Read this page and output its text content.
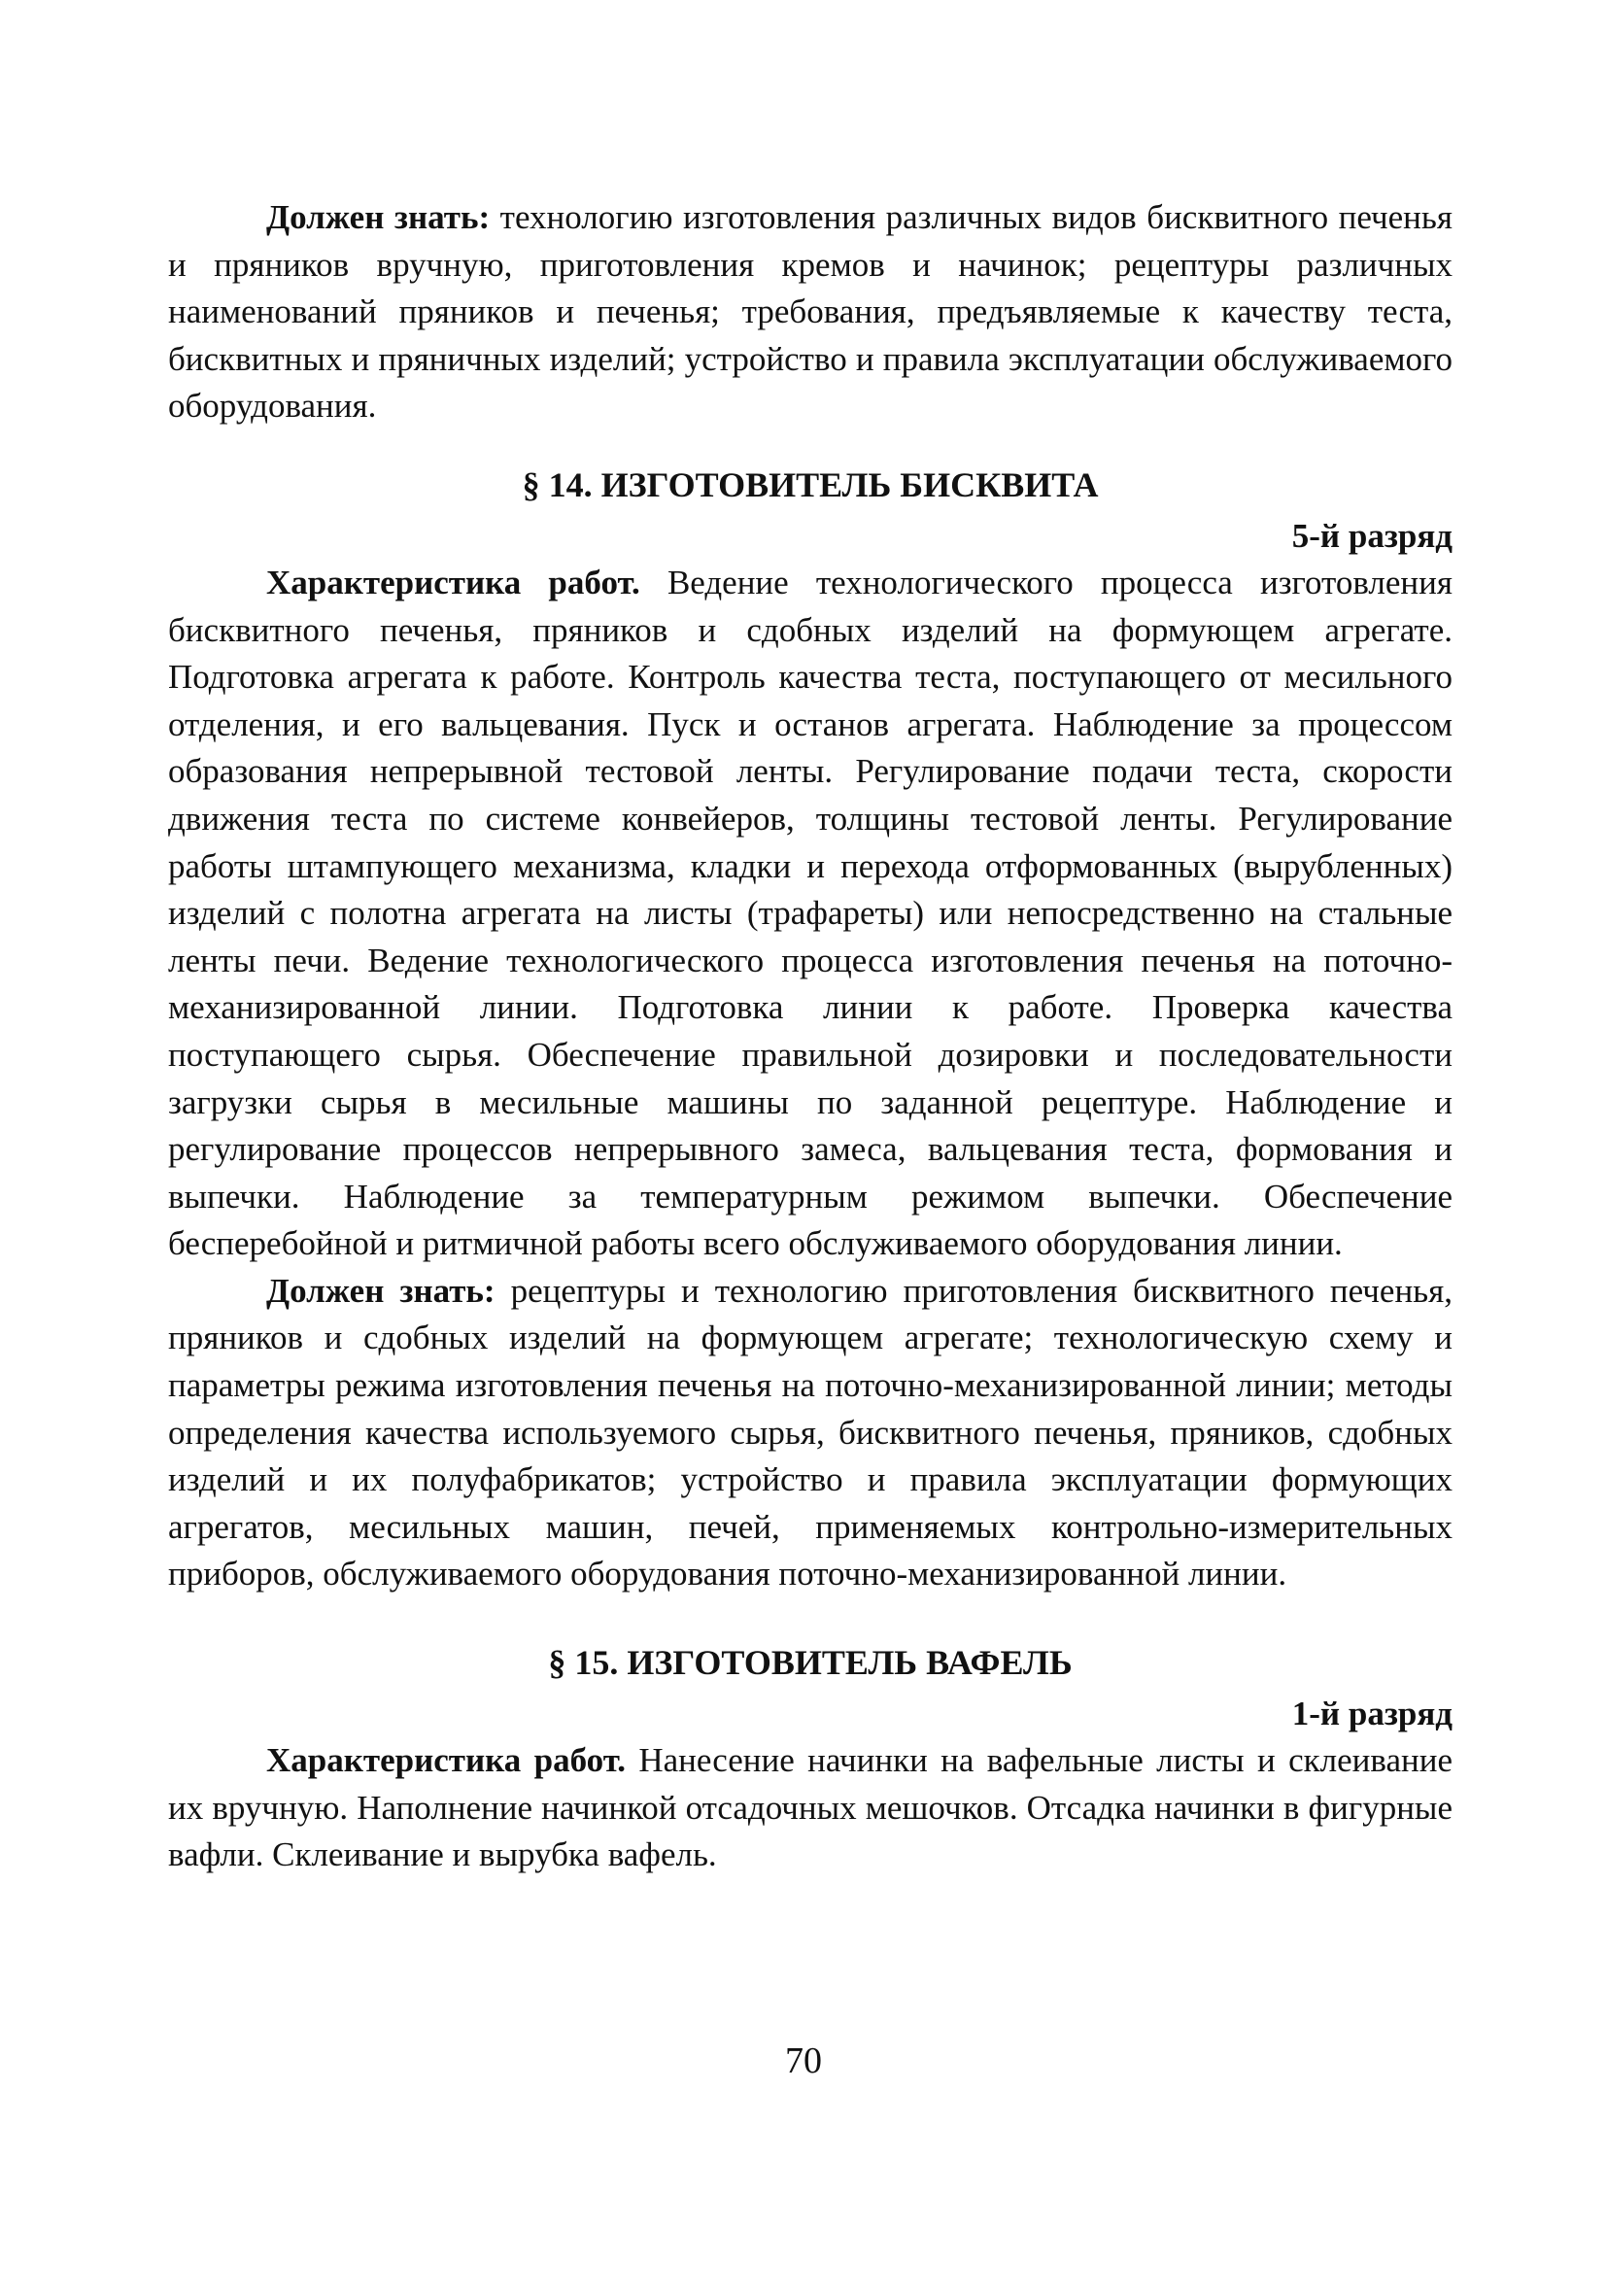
Должен знать: технологию изготовления различных видов бисквитного печенья и пряников вручную, приготовления кремов и начинок; рецептуры различных наименований пряников и печенья; требования, предъявляемые к качеству теста, бисквитных и пряничных изделий; устройство и правила эксплуатации обслуживаемого оборудования.

§ 14. ИЗГОТОВИТЕЛЬ БИСКВИТА

5-й разряд

Характеристика работ. Ведение технологического процесса изготовления бисквитного печенья, пряников и сдобных изделий на формующем агрегате. Подготовка агрегата к работе. Контроль качества теста, поступающего от месильного отделения, и его вальцевания. Пуск и останов агрегата. Наблюдение за процессом образования непрерывной тестовой ленты. Регулирование подачи теста, скорости движения теста по системе конвейеров, толщины тестовой ленты. Регулирование работы штампующего механизма, кладки и перехода отформованных (вырубленных) изделий с полотна агрегата на листы (трафареты) или непосредственно на стальные ленты печи. Ведение технологического процесса изготовления печенья на поточно- механизированной линии. Подготовка линии к работе. Проверка качества поступающего сырья. Обеспечение правильной дозировки и последовательности загрузки сырья в месильные машины по заданной рецептуре. Наблюдение и регулирование процессов непрерывного замеса, вальцевания теста, формования и выпечки. Наблюдение за температурным режимом выпечки. Обеспечение бесперебойной и ритмичной работы всего обслуживаемого оборудования линии.

Должен знать: рецептуры и технологию приготовления бисквитного печенья, пряников и сдобных изделий на формующем агрегате; технологическую схему и параметры режима изготовления печенья на поточно-механизированной линии; методы определения качества используемого сырья, бисквитного печенья, пряников, сдобных изделий и их полуфабрикатов; устройство и правила эксплуатации формующих агрегатов, месильных машин, печей, применяемых контрольно-измерительных приборов, обслуживаемого оборудования поточно-механизированной линии.

§ 15. ИЗГОТОВИТЕЛЬ ВАФЕЛЬ

1-й разряд

Характеристика работ. Нанесение начинки на вафельные листы и склеивание их вручную. Наполнение начинкой отсадочных мешочков. Отсадка начинки в фигурные вафли. Склеивание и вырубка вафель.

70
